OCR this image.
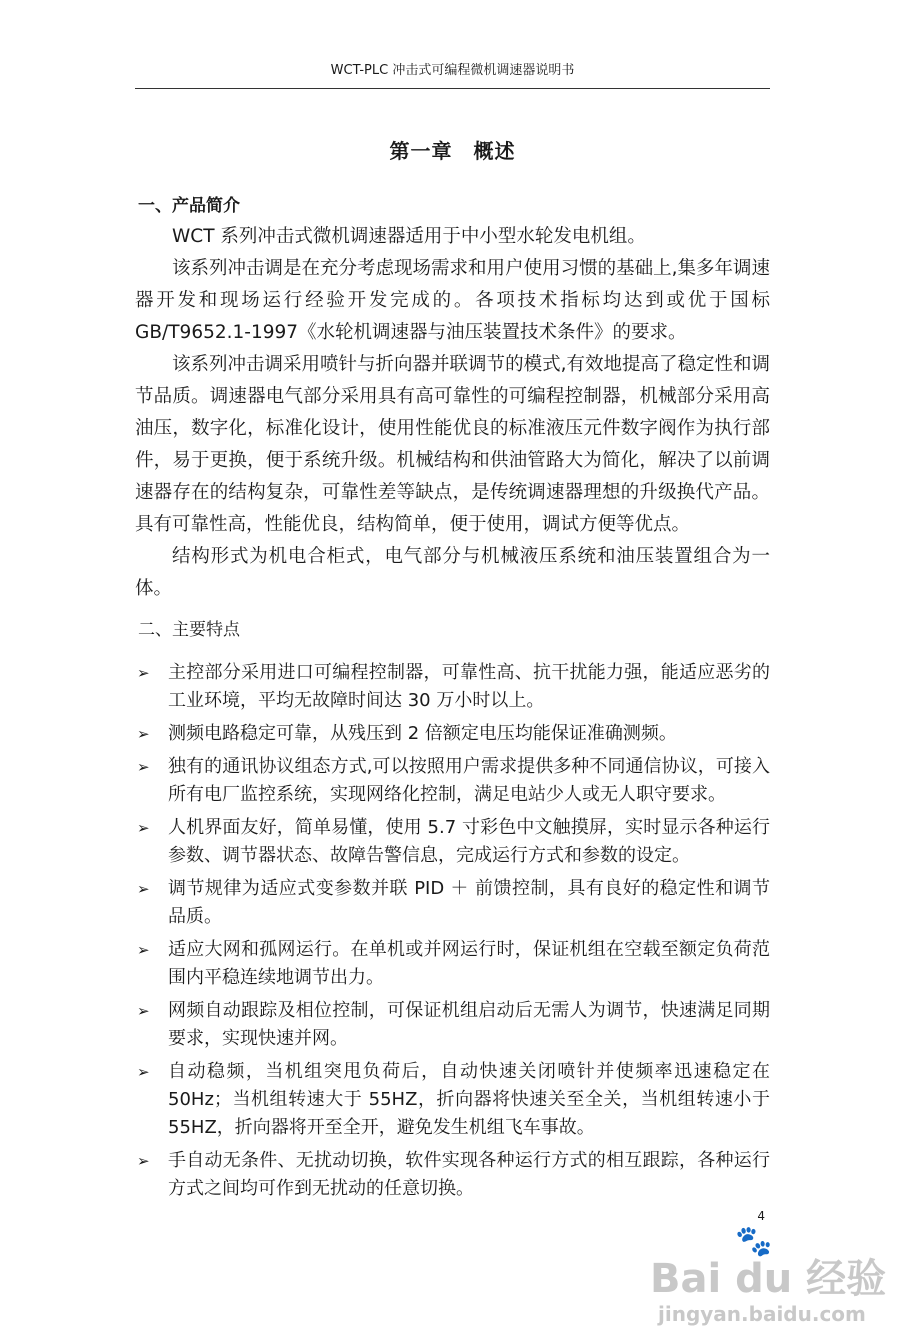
WCT-PLC 冲击式可编程微机调速器说明书
第一章　概述
一、产品简介

WCT 系列冲击式微机调速器适用于中小型水轮发电机组。

该系列冲击调是在充分考虑现场需求和用户使用习惯的基础上,集多年调速器开发和现场运行经验开发完成的。各项技术指标均达到或优于国标GB/T9652.1-1997《水轮机调速器与油压装置技术条件》的要求。

该系列冲击调采用喷针与折向器并联调节的模式,有效地提高了稳定性和调节品质。调速器电气部分采用具有高可靠性的可编程控制器，机械部分采用高油压，数字化，标准化设计，使用性能优良的标准液压元件数字阀作为执行部件，易于更换，便于系统升级。机械结构和供油管路大为简化，解决了以前调速器存在的结构复杂，可靠性差等缺点，是传统调速器理想的升级换代产品。具有可靠性高，性能优良，结构简单，便于使用，调试方便等优点。

结构形式为机电合柜式，电气部分与机械液压系统和油压装置组合为一体。

二、主要特点
➢ 主控部分采用进口可编程控制器，可靠性高、抗干扰能力强，能适应恶劣的工业环境，平均无故障时间达 30 万小时以上。
➢ 测频电路稳定可靠，从残压到 2 倍额定电压均能保证准确测频。
➢ 独有的通讯协议组态方式,可以按照用户需求提供多种不同通信协议，可接入所有电厂监控系统，实现网络化控制，满足电站少人或无人职守要求。
➢ 人机界面友好，简单易懂，使用 5.7 寸彩色中文触摸屏，实时显示各种运行参数、调节器状态、故障告警信息，完成运行方式和参数的设定。
➢ 调节规律为适应式变参数并联 PID ＋ 前馈控制，具有良好的稳定性和调节品质。
➢ 适应大网和孤网运行。在单机或并网运行时，保证机组在空载至额定负荷范围内平稳连续地调节出力。
➢ 网频自动跟踪及相位控制，可保证机组启动后无需人为调节，快速满足同期要求，实现快速并网。
➢ 自动稳频，当机组突甩负荷后，自动快速关闭喷针并使频率迅速稳定在 50Hz；当机组转速大于 55HZ，折向器将快速关至全关，当机组转速小于 55HZ，折向器将开至全开，避免发生机组飞车事故。
➢ 手自动无条件、无扰动切换，软件实现各种运行方式的相互跟踪，各种运行方式之间均可作到无扰动的任意切换。
4
🐾
Bai du 经验
jingyan.baidu.com
